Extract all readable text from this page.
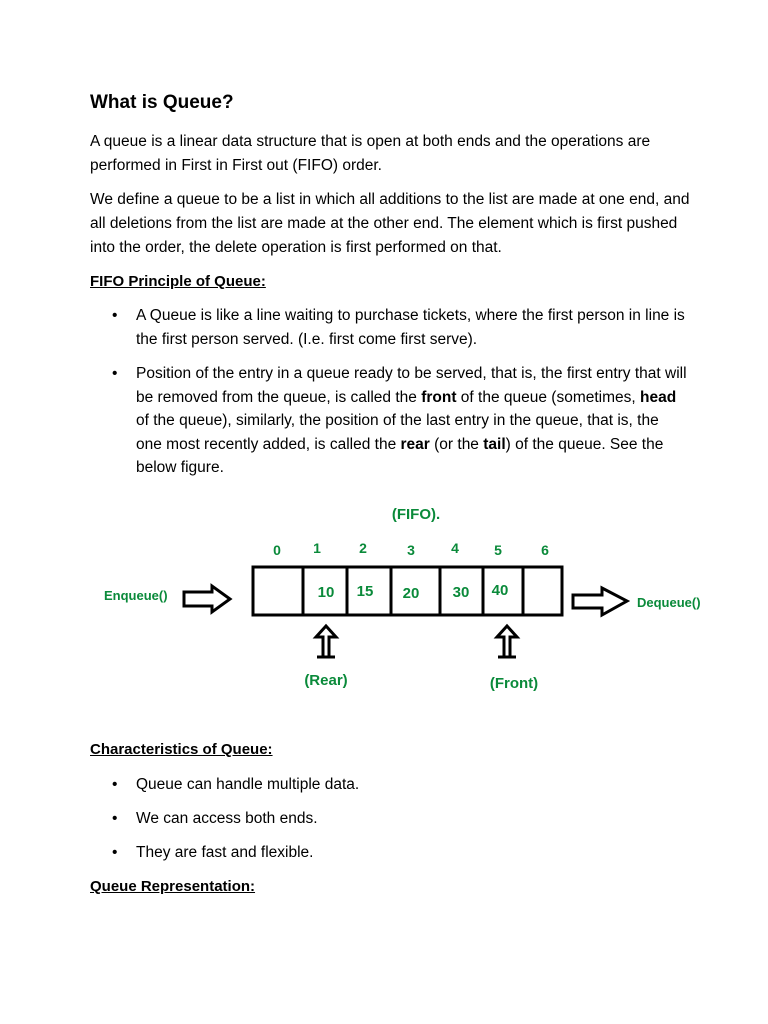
What is Queue?

A queue is a linear data structure that is open at both ends and the operations are performed in First in First out (FIFO) order.

We define a queue to be a list in which all additions to the list are made at one end, and all deletions from the list are made at the other end. The element which is first pushed into the order, the delete operation is first performed on that.

FIFO Principle of Queue:

• A Queue is like a line waiting to purchase tickets, where the first person in line is the first person served. (I.e. first come first serve).
• Position of the entry in a queue ready to be served, that is, the first entry that will be removed from the queue, is called the front of the queue (sometimes, head of the queue), similarly, the position of the last entry in the queue, that is, the one most recently added, is called the rear (or the tail) of the queue. See the below figure.
(FIFO).
0 1	2	3	4	5	6
10 15 20 30 40
Enqueue()	Dequeue()
(Rear)	(Front)

Characteristics of Queue:

• Queue can handle multiple data.
• We can access both ends.
• They are fast and flexible.

Queue Representation:
